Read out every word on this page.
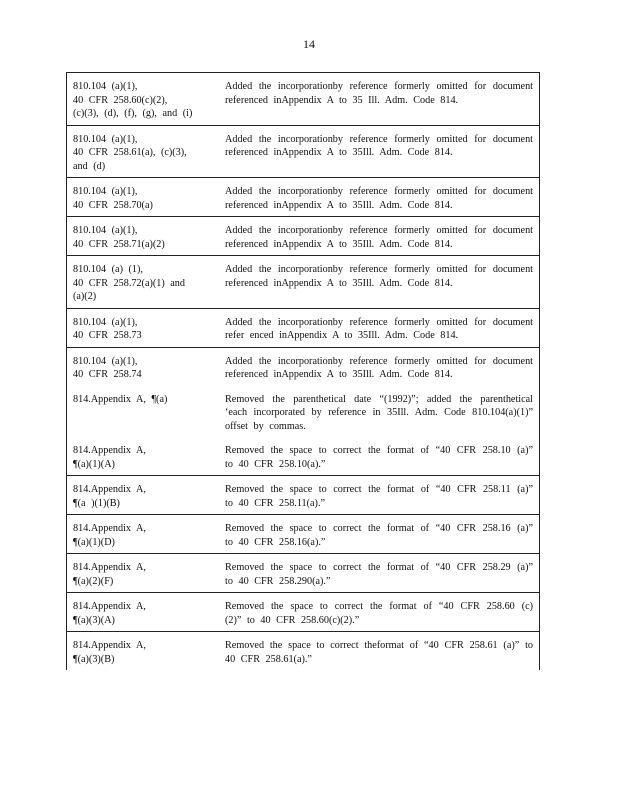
14
810.104 (a)(1),
40 CFR 258.60(c)(2),
(c)(3), (d), (f), (g), and (i)	Added the incorporationby reference formerly omitted for document referenced inAppendix A to 35 Ill. Adm. Code 814.
810.104 (a)(1),
40 CFR 258.61(a), (c)(3),
and (d)	Added the incorporationby reference formerly omitted for document referenced inAppendix A to 35Ill. Adm. Code 814.
810.104 (a)(1),
40 CFR 258.70(a)	Added the incorporationby reference formerly omitted for document referenced inAppendix A to 35Ill. Adm. Code 814.
810.104 (a)(1),
40 CFR 258.71(a)(2)	Added the incorporationby reference formerly omitted for document referenced inAppendix A to 35Ill. Adm. Code 814.
810.104 (a) (1),
40 CFR 258.72(a)(1) and
(a)(2)	Added the incorporationby reference formerly omitted for document referenced inAppendix A to 35Ill. Adm. Code 814.
810.104 (a)(1),
40 CFR 258.73	Added the incorporationby reference formerly omitted for document refer enced inAppendix A to 35Ill. Adm. Code 814.
810.104 (a)(1),
40 CFR 258.74	Added the incorporationby reference formerly omitted for document referenced inAppendix A to 35Ill. Adm. Code 814.
814.Appendix A, ¶(a)	Removed the parenthetical date “(1992)”; added the parenthetical ‘each incorporated by reference in 35Ill. Adm. Code 810.104(a)(1)” offset by commas.
814.Appendix A,
¶(a)(1)(A)	Removed the space to correct the format of “40 CFR 258.10 (a)” to 40 CFR 258.10(a).”
814.Appendix A,
¶(a )(1)(B)	Removed the space to correct the format of “40 CFR 258.11 (a)” to 40 CFR 258.11(a).”
814.Appendix A,
¶(a)(1)(D)	Removed the space to correct the format of “40 CFR 258.16 (a)” to 40 CFR 258.16(a).”
814.Appendix A,
¶(a)(2)(F)	Removed the space to correct the format of “40 CFR 258.29 (a)” to 40 CFR 258.290(a).”
814.Appendix A,
¶(a)(3)(A)	Removed the space to correct the format of “40 CFR 258.60 (c)(2)” to 40 CFR 258.60(c)(2).”
814.Appendix A,
¶(a)(3)(B)	Removed the space to correct theformat of “40 CFR 258.61 (a)” to 40 CFR 258.61(a).”
